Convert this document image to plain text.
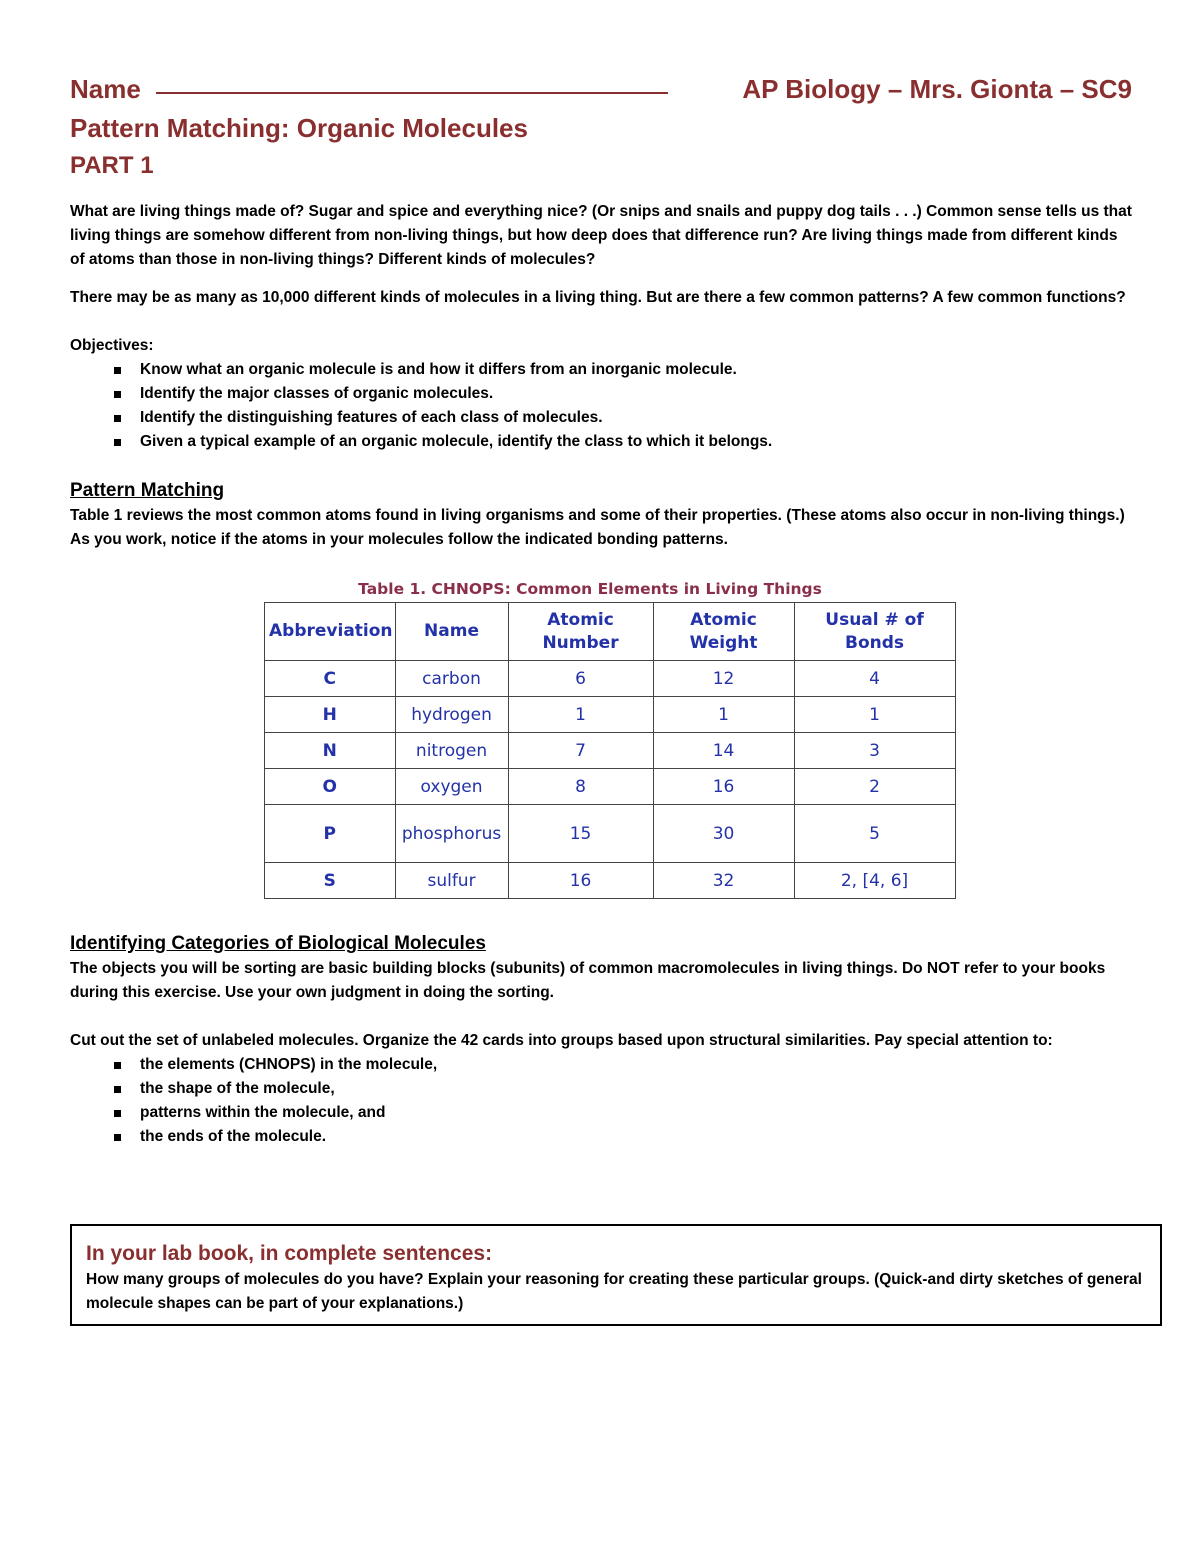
Name	AP Biology – Mrs. Gionta – SC9
Pattern Matching: Organic Molecules
PART 1
What are living things made of? Sugar and spice and everything nice? (Or snips and snails and puppy dog tails . . .) Common sense tells us that living things are somehow different from non-living things, but how deep does that difference run? Are living things made from different kinds of atoms than those in non-living things? Different kinds of molecules?
There may be as many as 10,000 different kinds of molecules in a living thing. But are there a few common patterns? A few common functions?
Objectives:
Know what an organic molecule is and how it differs from an inorganic molecule.
Identify the major classes of organic molecules.
Identify the distinguishing features of each class of molecules.
Given a typical example of an organic molecule, identify the class to which it belongs.
Pattern Matching
Table 1 reviews the most common atoms found in living organisms and some of their properties. (These atoms also occur in non-living things.) As you work, notice if the atoms in your molecules follow the indicated bonding patterns.
Table 1. CHNOPS: Common Elements in Living Things
Abbreviation	Name	Atomic Number	Atomic Weight	Usual # of Bonds
C	carbon	6	12	4
H	hydrogen	1	1	1
N	nitrogen	7	14	3
O	oxygen	8	16	2
P	phosphorus	15	30	5
S	sulfur	16	32	2, [4, 6]
Identifying Categories of Biological Molecules
The objects you will be sorting are basic building blocks (subunits) of common macromolecules in living things. Do NOT refer to your books during this exercise. Use your own judgment in doing the sorting.
Cut out the set of unlabeled molecules. Organize the 42 cards into groups based upon structural similarities. Pay special attention to:
the elements (CHNOPS) in the molecule,
the shape of the molecule,
patterns within the molecule, and
the ends of the molecule.
In your lab book, in complete sentences:
How many groups of molecules do you have? Explain your reasoning for creating these particular groups. (Quick-and dirty sketches of general molecule shapes can be part of your explanations.)
